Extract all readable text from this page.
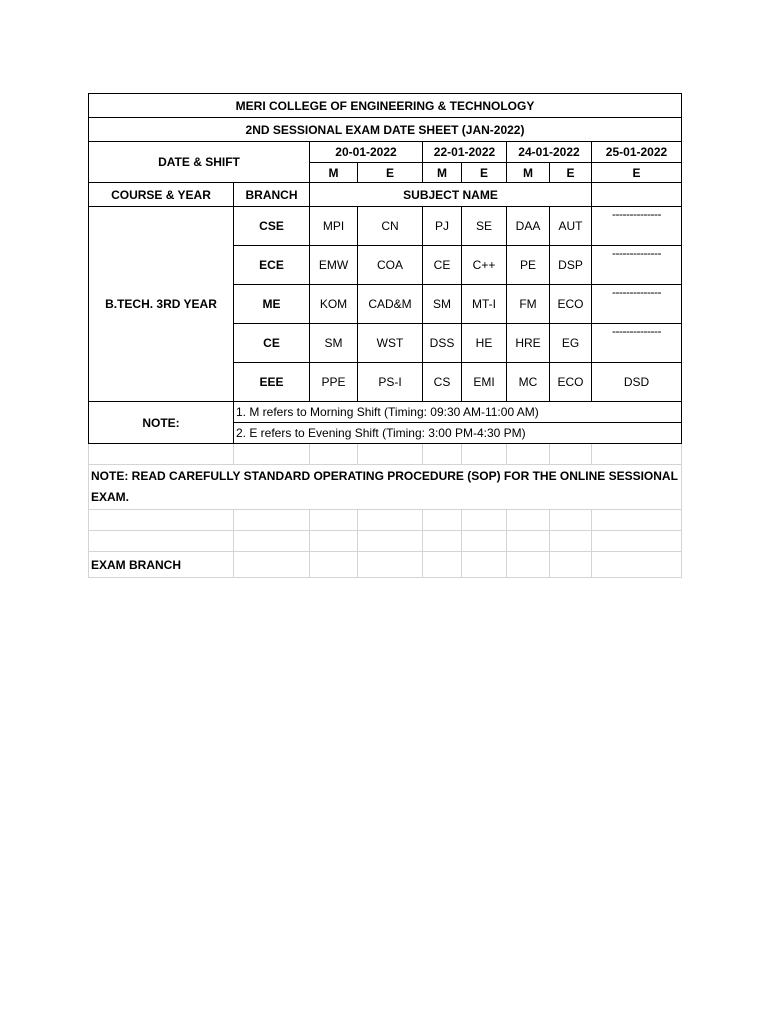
MERI COLLEGE OF ENGINEERING & TECHNOLOGY								
2ND SESSIONAL EXAM DATE SHEET (JAN-2022)								
DATE & SHIFT		20-01-2022		22-01-2022		24-01-2022		25-01-2022
		M	E	M	E	M	E	E
COURSE & YEAR	BRANCH	SUBJECT NAME						
B.TECH. 3RD YEAR	CSE	MPI	CN	PJ	SE	DAA	AUT	--------------
	ECE	EMW	COA	CE	C++	PE	DSP	--------------
	ME	KOM	CAD&M	SM	MT-I	FM	ECO	--------------
	CE	SM	WST	DSS	HE	HRE	EG	--------------
	EEE	PPE	PS-I	CS	EMI	MC	ECO	DSD
NOTE:	1. M refers to Morning Shift (Timing: 09:30 AM-11:00 AM)							
	2. E refers to Evening Shift (Timing: 3:00 PM-4:30 PM)							

NOTE: READ CAREFULLY STANDARD OPERATING PROCEDURE (SOP) FOR THE ONLINE SESSIONAL EXAM.								

EXAM BRANCH								
